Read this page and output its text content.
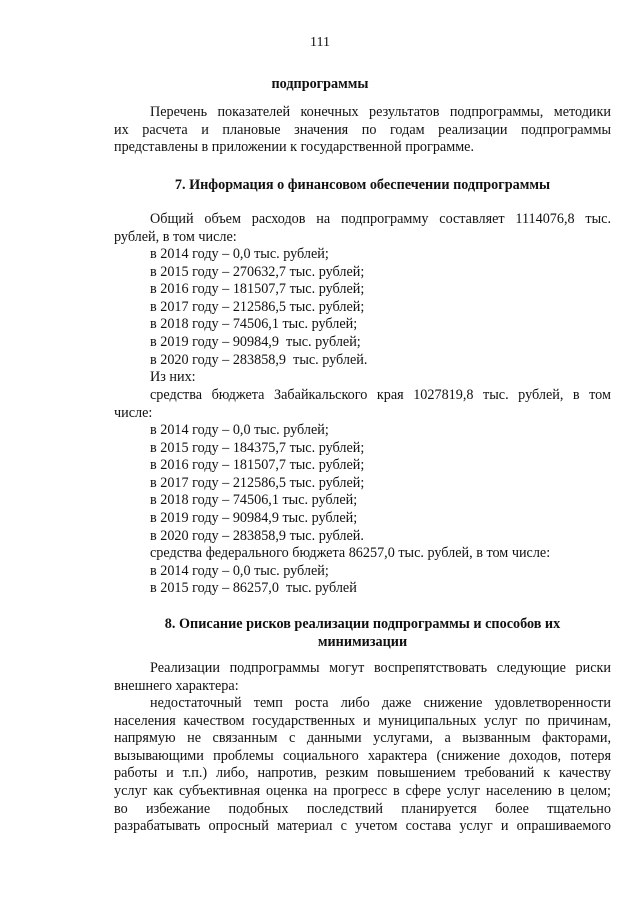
111
подпрограммы
Перечень показателей конечных результатов подпрограммы, методики
их расчета и плановые значения по годам реализации подпрограммы
представлены в приложении к государственной программе.
7. Информация о финансовом обеспечении подпрограммы
Общий объем расходов на подпрограмму составляет 1114076,8 тыс.
рублей, в том числе:
в 2014 году – 0,0 тыс. рублей;
в 2015 году – 270632,7 тыс. рублей;
в 2016 году – 181507,7 тыс. рублей;
в 2017 году – 212586,5 тыс. рублей;
в 2018 году – 74506,1 тыс. рублей;
в 2019 году – 90984,9  тыс. рублей;
в 2020 году – 283858,9  тыс. рублей.
Из них:
средства бюджета Забайкальского края 1027819,8 тыс. рублей, в том
числе:
в 2014 году – 0,0 тыс. рублей;
в 2015 году – 184375,7 тыс. рублей;
в 2016 году – 181507,7 тыс. рублей;
в 2017 году – 212586,5 тыс. рублей;
в 2018 году – 74506,1 тыс. рублей;
в 2019 году – 90984,9 тыс. рублей;
в 2020 году – 283858,9 тыс. рублей.
средства федерального бюджета 86257,0 тыс. рублей, в том числе:
в 2014 году – 0,0 тыс. рублей;
в 2015 году – 86257,0  тыс. рублей
8. Описание рисков реализации подпрограммы и способов их
минимизации
Реализации подпрограммы могут воспрепятствовать следующие риски
внешнего характера:
недостаточный темп роста либо даже снижение удовлетворенности
населения качеством государственных и муниципальных услуг по причинам,
напрямую не связанным с данными услугами, а вызванным факторами,
вызывающими проблемы социального характера (снижение доходов, потеря
работы и т.п.) либо, напротив, резким повышением требований к качеству
услуг как субъективная оценка на прогресс в сфере услуг населению в целом;
во избежание подобных последствий планируется более тщательно
разрабатывать опросный материал с учетом состава услуг и опрашиваемого
